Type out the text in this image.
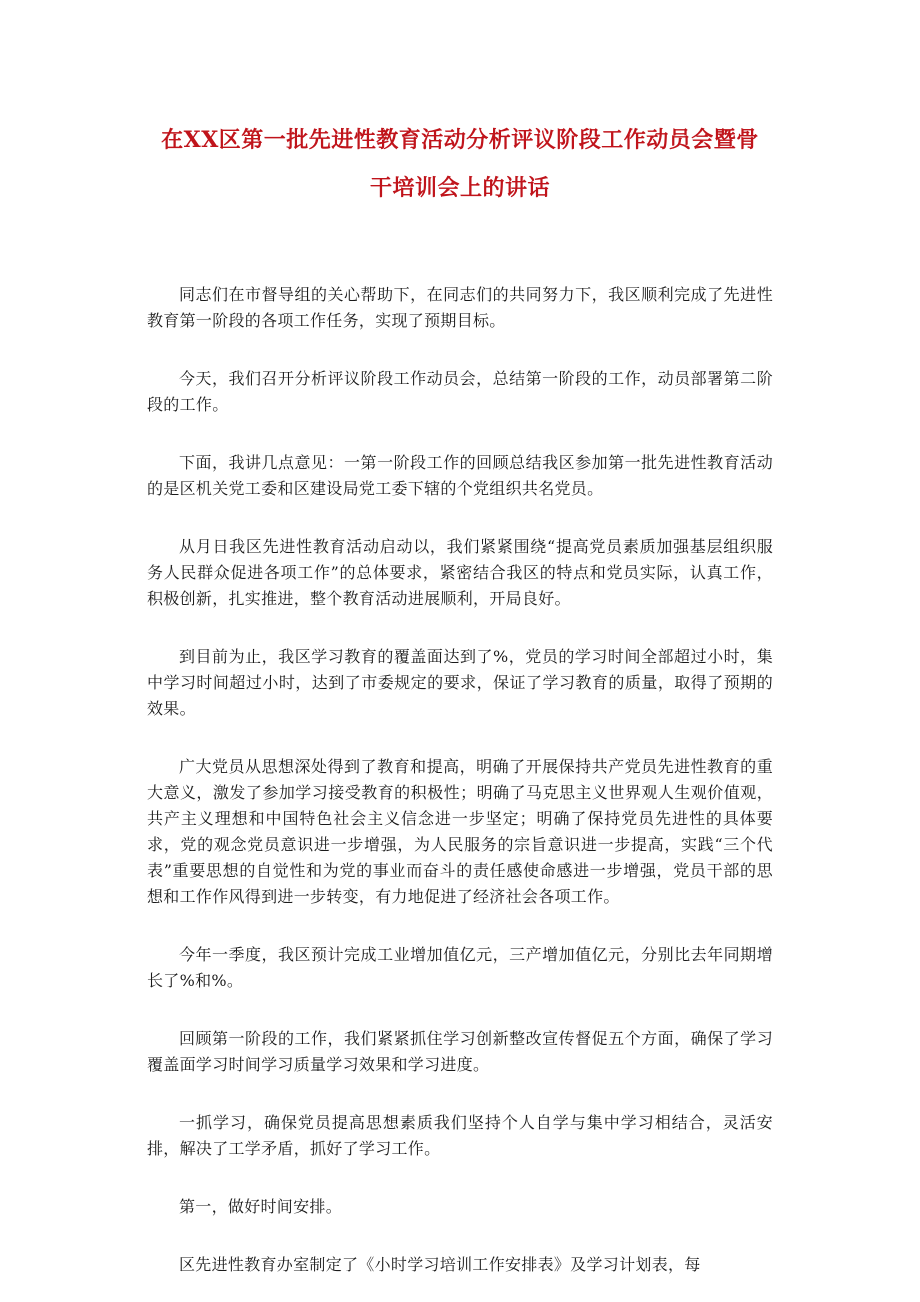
在XX区第一批先进性教育活动分析评议阶段工作动员会暨骨
干培训会上的讲话

同志们在市督导组的关心帮助下，在同志们的共同努力下，我区顺利完成了先进性教育第一阶段的各项工作任务，实现了预期目标。

今天，我们召开分析评议阶段工作动员会，总结第一阶段的工作，动员部署第二阶段的工作。

下面，我讲几点意见：一第一阶段工作的回顾总结我区参加第一批先进性教育活动的是区机关党工委和区建设局党工委下辖的个党组织共名党员。

从月日我区先进性教育活动启动以，我们紧紧围绕“提高党员素质加强基层组织服务人民群众促进各项工作”的总体要求，紧密结合我区的特点和党员实际，认真工作，积极创新，扎实推进，整个教育活动进展顺利，开局良好。

到目前为止，我区学习教育的覆盖面达到了%，党员的学习时间全部超过小时，集中学习时间超过小时，达到了市委规定的要求，保证了学习教育的质量，取得了预期的效果。

广大党员从思想深处得到了教育和提高，明确了开展保持共产党员先进性教育的重大意义，激发了参加学习接受教育的积极性；明确了马克思主义世界观人生观价值观，共产主义理想和中国特色社会主义信念进一步坚定；明确了保持党员先进性的具体要求，党的观念党员意识进一步增强，为人民服务的宗旨意识进一步提高，实践“三个代表”重要思想的自觉性和为党的事业而奋斗的责任感使命感进一步增强，党员干部的思想和工作作风得到进一步转变，有力地促进了经济社会各项工作。

今年一季度，我区预计完成工业增加值亿元，三产增加值亿元，分别比去年同期增长了%和%。

回顾第一阶段的工作，我们紧紧抓住学习创新整改宣传督促五个方面，确保了学习覆盖面学习时间学习质量学习效果和学习进度。

一抓学习，确保党员提高思想素质我们坚持个人自学与集中学习相结合，灵活安排，解决了工学矛盾，抓好了学习工作。

第一，做好时间安排。

区先进性教育办室制定了《小时学习培训工作安排表》及学习计划表，每
